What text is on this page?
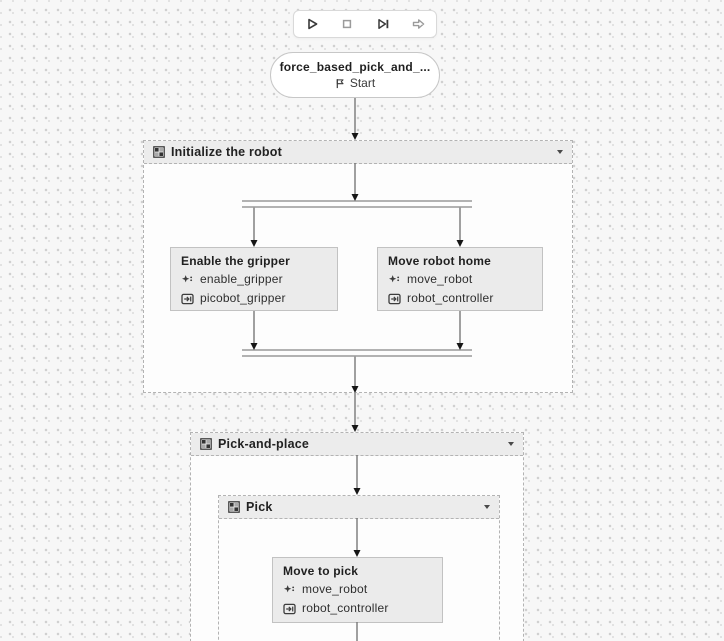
force_based_pick_and_...
Start
Initialize the robot
Enable the gripper
enable_gripper
picobot_gripper
Move robot home
move_robot
robot_controller
Pick-and-place
Pick
Move to pick
move_robot
robot_controller
